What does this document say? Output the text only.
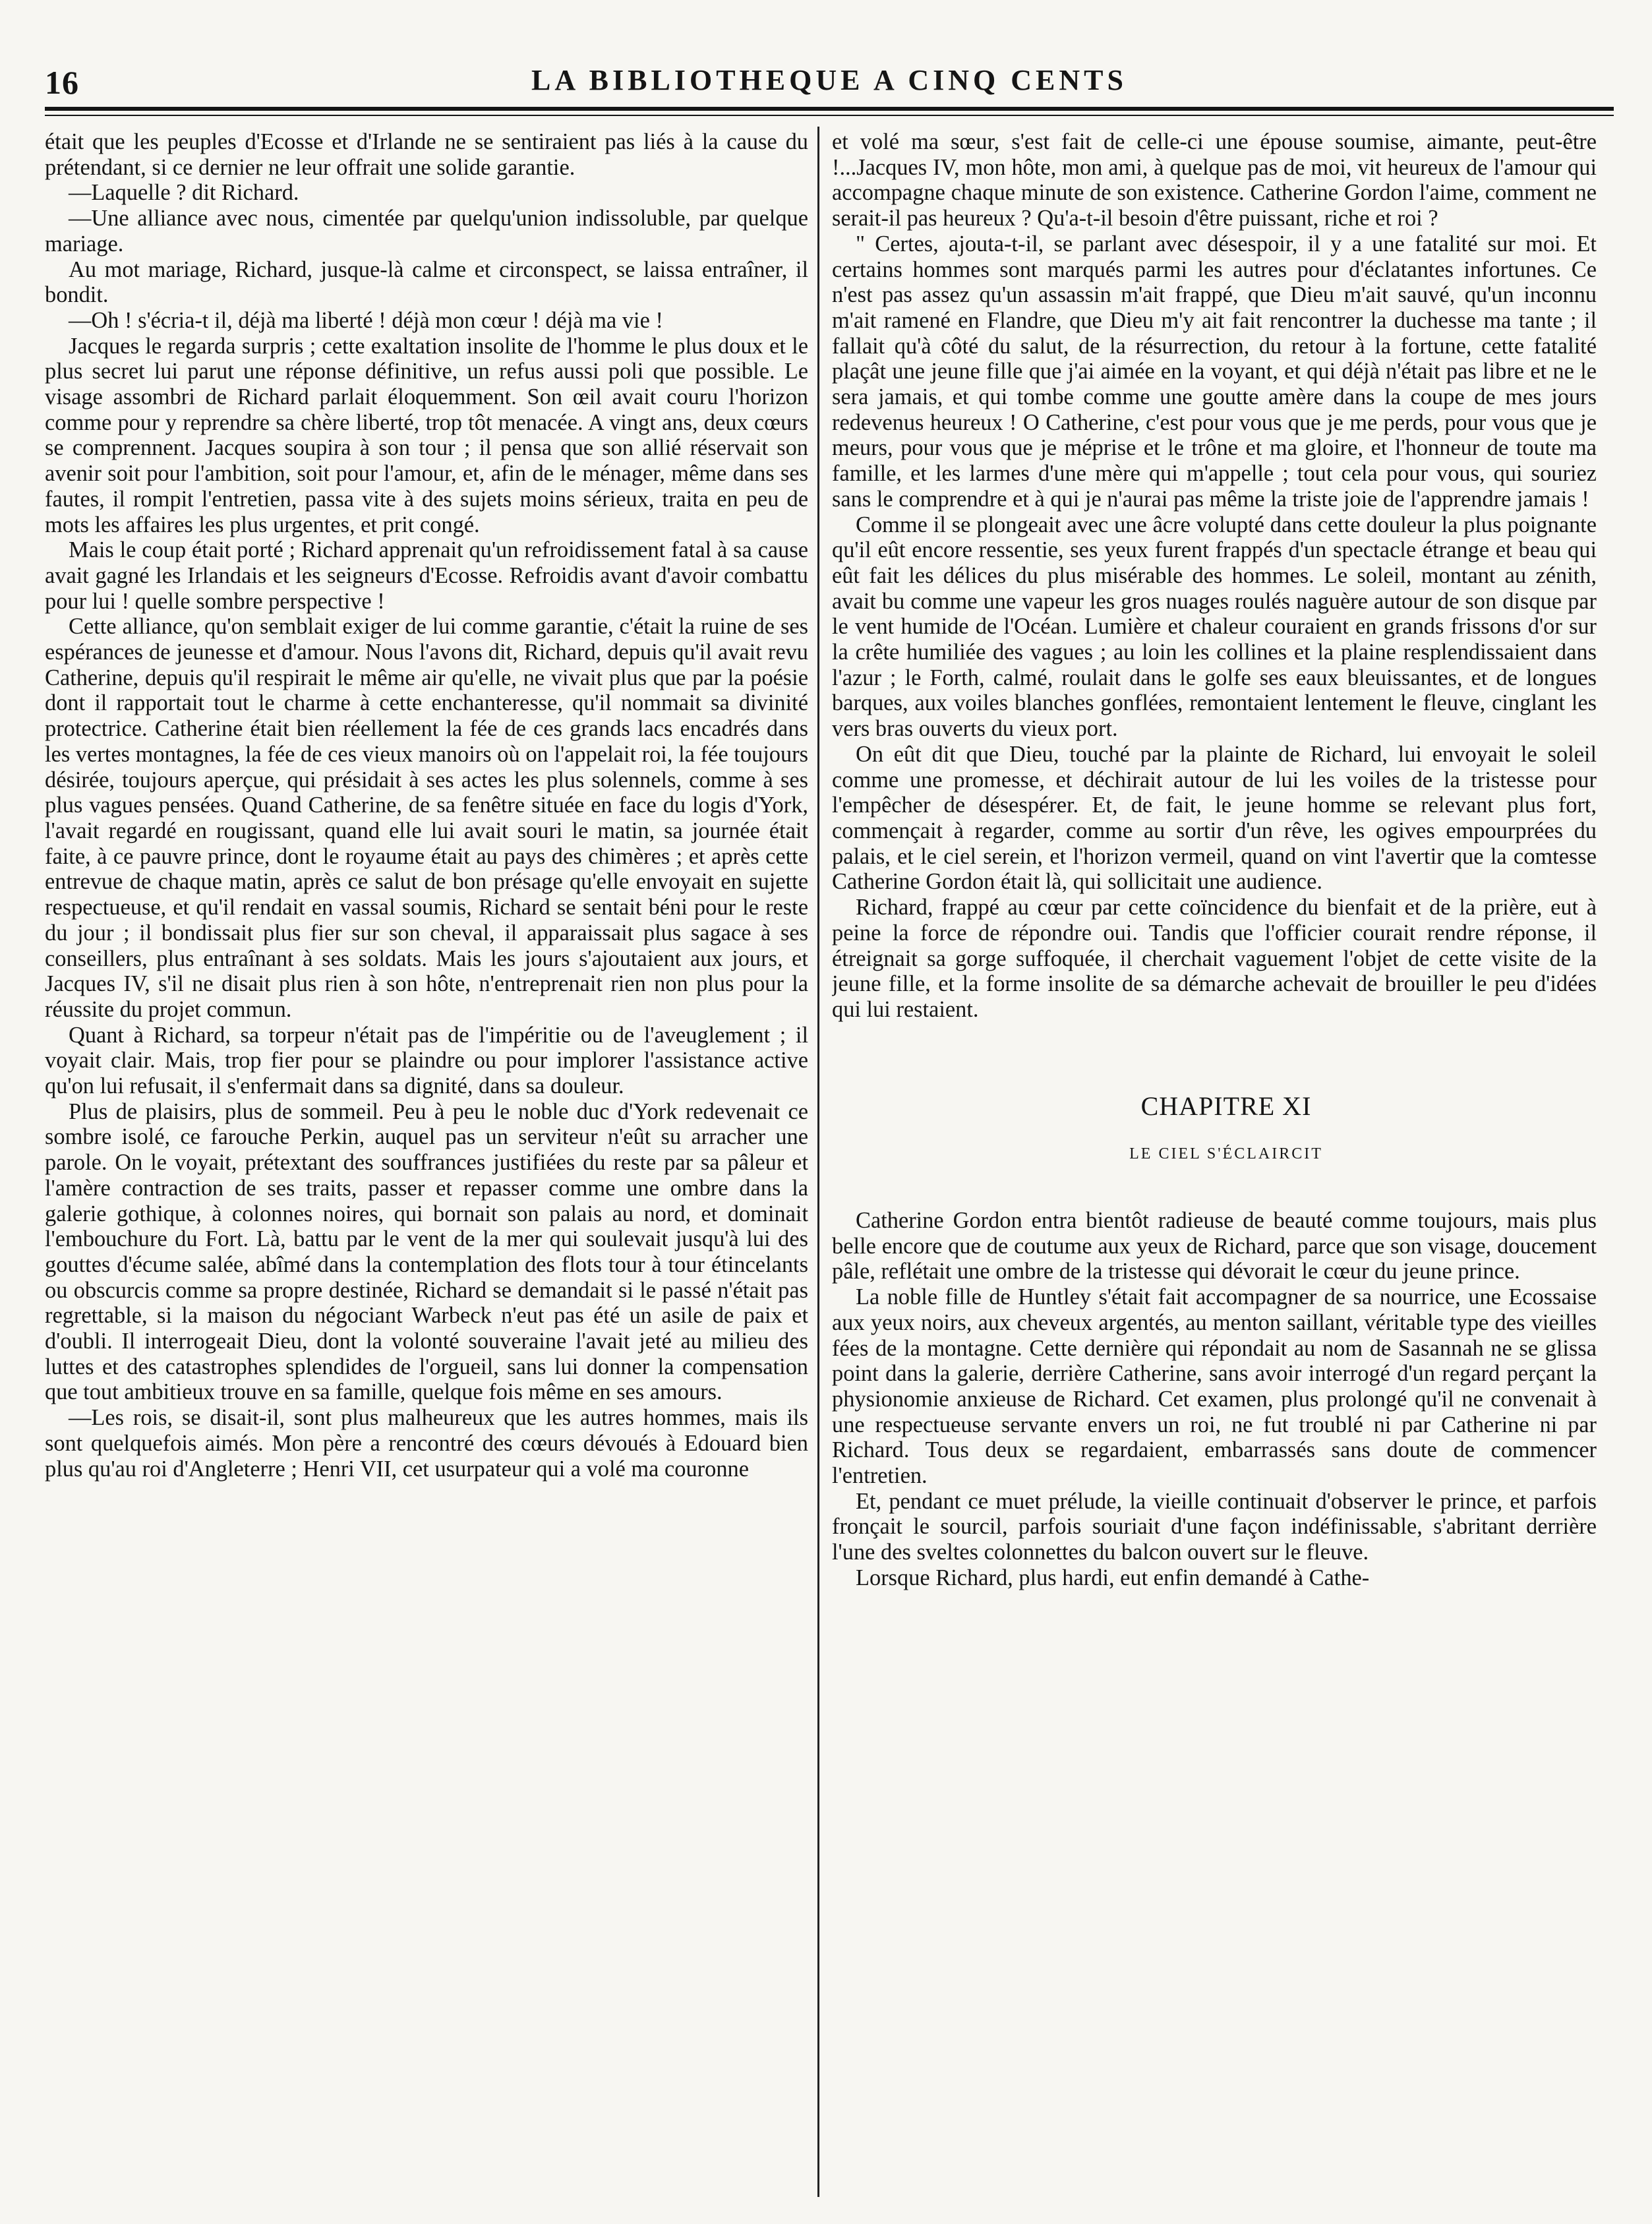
16	LA BIBLIOTHEQUE A CINQ CENTS

était que les peuples d'Ecosse et d'Irlande ne se sentiraient pas liés à la cause du prétendant, si ce dernier ne leur offrait une solide garantie.

—Laquelle ? dit Richard.

—Une alliance avec nous, cimentée par quelqu'union indissoluble, par quelque mariage.

Au mot mariage, Richard, jusque-là calme et circonspect, se laissa entraîner, il bondit.

—Oh ! s'écria-t il, déjà ma liberté ! déjà mon cœur ! déjà ma vie !

Jacques le regarda surpris ; cette exaltation insolite de l'homme le plus doux et le plus secret lui parut une réponse définitive, un refus aussi poli que possible. Le visage assombri de Richard parlait éloquemment. Son œil avait couru l'horizon comme pour y reprendre sa chère liberté, trop tôt menacée. A vingt ans, deux cœurs se comprennent. Jacques soupira à son tour ; il pensa que son allié réservait son avenir soit pour l'ambition, soit pour l'amour, et, afin de le ménager, même dans ses fautes, il rompit l'entretien, passa vite à des sujets moins sérieux, traita en peu de mots les affaires les plus urgentes, et prit congé.

Mais le coup était porté ; Richard apprenait qu'un refroidissement fatal à sa cause avait gagné les Irlandais et les seigneurs d'Ecosse. Refroidis avant d'avoir combattu pour lui ! quelle sombre perspective !

Cette alliance, qu'on semblait exiger de lui comme garantie, c'était la ruine de ses espérances de jeunesse et d'amour. Nous l'avons dit, Richard, depuis qu'il avait revu Catherine, depuis qu'il respirait le même air qu'elle, ne vivait plus que par la poésie dont il rapportait tout le charme à cette enchanteresse, qu'il nommait sa divinité protectrice. Catherine était bien réellement la fée de ces grands lacs encadrés dans les vertes montagnes, la fée de ces vieux manoirs où on l'appelait roi, la fée toujours désirée, toujours aperçue, qui présidait à ses actes les plus solennels, comme à ses plus vagues pensées. Quand Catherine, de sa fenêtre située en face du logis d'York, l'avait regardé en rougissant, quand elle lui avait souri le matin, sa journée était faite, à ce pauvre prince, dont le royaume était au pays des chimères ; et après cette entrevue de chaque matin, après ce salut de bon présage qu'elle envoyait en sujette respectueuse, et qu'il rendait en vassal soumis, Richard se sentait béni pour le reste du jour ; il bondissait plus fier sur son cheval, il apparaissait plus sagace à ses conseillers, plus entraînant à ses soldats. Mais les jours s'ajoutaient aux jours, et Jacques IV, s'il ne disait plus rien à son hôte, n'entreprenait rien non plus pour la réussite du projet commun.

Quant à Richard, sa torpeur n'était pas de l'impéritie ou de l'aveuglement ; il voyait clair. Mais, trop fier pour se plaindre ou pour implorer l'assistance active qu'on lui refusait, il s'enfermait dans sa dignité, dans sa douleur.

Plus de plaisirs, plus de sommeil. Peu à peu le noble duc d'York redevenait ce sombre isolé, ce farouche Perkin, auquel pas un serviteur n'eût su arracher une parole. On le voyait, prétextant des souffrances justifiées du reste par sa pâleur et l'amère contraction de ses traits, passer et repasser comme une ombre dans la galerie gothique, à colonnes noires, qui bornait son palais au nord, et dominait l'embouchure du Fort. Là, battu par le vent de la mer qui soulevait jusqu'à lui des gouttes d'écume salée, abîmé dans la contemplation des flots tour à tour étincelants ou obscurcis comme sa propre destinée, Richard se demandait si le passé n'était pas regrettable, si la maison du négociant Warbeck n'eut pas été un asile de paix et d'oubli. Il interrogeait Dieu, dont la volonté souveraine l'avait jeté au milieu des luttes et des catastrophes splendides de l'orgueil, sans lui donner la compensation que tout ambitieux trouve en sa famille, quelque fois même en ses amours.

—Les rois, se disait-il, sont plus malheureux que les autres hommes, mais ils sont quelquefois aimés. Mon père a rencontré des cœurs dévoués à Edouard bien plus qu'au roi d'Angleterre ; Henri VII, cet usurpateur qui a volé ma couronne

et volé ma sœur, s'est fait de celle-ci une épouse soumise, aimante, peut-être !...Jacques IV, mon hôte, mon ami, à quelque pas de moi, vit heureux de l'amour qui accompagne chaque minute de son existence. Catherine Gordon l'aime, comment ne serait-il pas heureux ? Qu'a-t-il besoin d'être puissant, riche et roi ?

" Certes, ajouta-t-il, se parlant avec désespoir, il y a une fatalité sur moi. Et certains hommes sont marqués parmi les autres pour d'éclatantes infortunes. Ce n'est pas assez qu'un assassin m'ait frappé, que Dieu m'ait sauvé, qu'un inconnu m'ait ramené en Flandre, que Dieu m'y ait fait rencontrer la duchesse ma tante ; il fallait qu'à côté du salut, de la résurrection, du retour à la fortune, cette fatalité plaçât une jeune fille que j'ai aimée en la voyant, et qui déjà n'était pas libre et ne le sera jamais, et qui tombe comme une goutte amère dans la coupe de mes jours redevenus heureux ! O Catherine, c'est pour vous que je me perds, pour vous que je meurs, pour vous que je méprise et le trône et ma gloire, et l'honneur de toute ma famille, et les larmes d'une mère qui m'appelle ; tout cela pour vous, qui souriez sans le comprendre et à qui je n'aurai pas même la triste joie de l'apprendre jamais !

Comme il se plongeait avec une âcre volupté dans cette douleur la plus poignante qu'il eût encore ressentie, ses yeux furent frappés d'un spectacle étrange et beau qui eût fait les délices du plus misérable des hommes. Le soleil, montant au zénith, avait bu comme une vapeur les gros nuages roulés naguère autour de son disque par le vent humide de l'Océan. Lumière et chaleur couraient en grands frissons d'or sur la crête humiliée des vagues ; au loin les collines et la plaine resplendissaient dans l'azur ; le Forth, calmé, roulait dans le golfe ses eaux bleuissantes, et de longues barques, aux voiles blanches gonflées, remontaient lentement le fleuve, cinglant les vers bras ouverts du vieux port.

On eût dit que Dieu, touché par la plainte de Richard, lui envoyait le soleil comme une promesse, et déchirait autour de lui les voiles de la tristesse pour l'empêcher de désespérer. Et, de fait, le jeune homme se relevant plus fort, commençait à regarder, comme au sortir d'un rêve, les ogives empourprées du palais, et le ciel serein, et l'horizon vermeil, quand on vint l'avertir que la comtesse Catherine Gordon était là, qui sollicitait une audience.

Richard, frappé au cœur par cette coïncidence du bienfait et de la prière, eut à peine la force de répondre oui. Tandis que l'officier courait rendre réponse, il étreignait sa gorge suffoquée, il cherchait vaguement l'objet de cette visite de la jeune fille, et la forme insolite de sa démarche achevait de brouiller le peu d'idées qui lui restaient.

CHAPITRE XI

LE CIEL S'ÉCLAIRCIT

Catherine Gordon entra bientôt radieuse de beauté comme toujours, mais plus belle encore que de coutume aux yeux de Richard, parce que son visage, doucement pâle, reflétait une ombre de la tristesse qui dévorait le cœur du jeune prince.

La noble fille de Huntley s'était fait accompagner de sa nourrice, une Ecossaise aux yeux noirs, aux cheveux argentés, au menton saillant, véritable type des vieilles fées de la montagne. Cette dernière qui répondait au nom de Sasannah ne se glissa point dans la galerie, derrière Catherine, sans avoir interrogé d'un regard perçant la physionomie anxieuse de Richard. Cet examen, plus prolongé qu'il ne convenait à une respectueuse servante envers un roi, ne fut troublé ni par Catherine ni par Richard. Tous deux se regardaient, embarrassés sans doute de commencer l'entretien.

Et, pendant ce muet prélude, la vieille continuait d'observer le prince, et parfois fronçait le sourcil, parfois souriait d'une façon indéfinissable, s'abritant derrière l'une des sveltes colonnettes du balcon ouvert sur le fleuve.

Lorsque Richard, plus hardi, eut enfin demandé à Cathe-
